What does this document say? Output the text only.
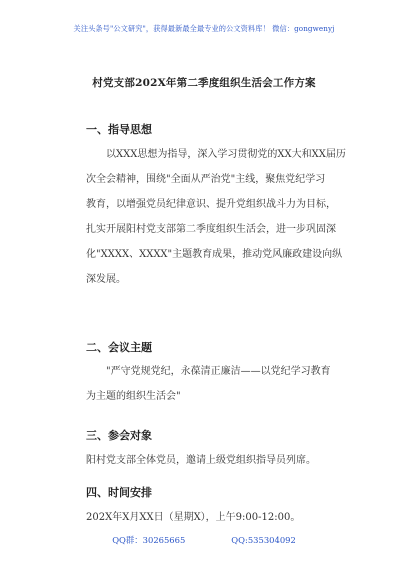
关注头条号"公文研究"，获得最新最全最专业的公文资料库！ 微信：gongwenyj
村党支部202X年第二季度组织生活会工作方案
一、指导思想
以XXX思想为指导，深入学习贯彻党的XX大和XX届历
次全会精神，围绕"全面从严治党"主线，聚焦党纪学习
教育，以增强党员纪律意识、提升党组织战斗力为目标，
扎实开展阳村党支部第二季度组织生活会，进一步巩固深
化"XXXX、XXXX"主题教育成果，推动党风廉政建设向纵
深发展。
二、会议主题
"严守党规党纪，永葆清正廉洁——以党纪学习教育
为主题的组织生活会"
三、参会对象
阳村党支部全体党员，邀请上级党组织指导员列席。
四、时间安排
202X年X月XX日（星期X），上午9:00-12:00。
QQ群：30265665	QQ:535304092
